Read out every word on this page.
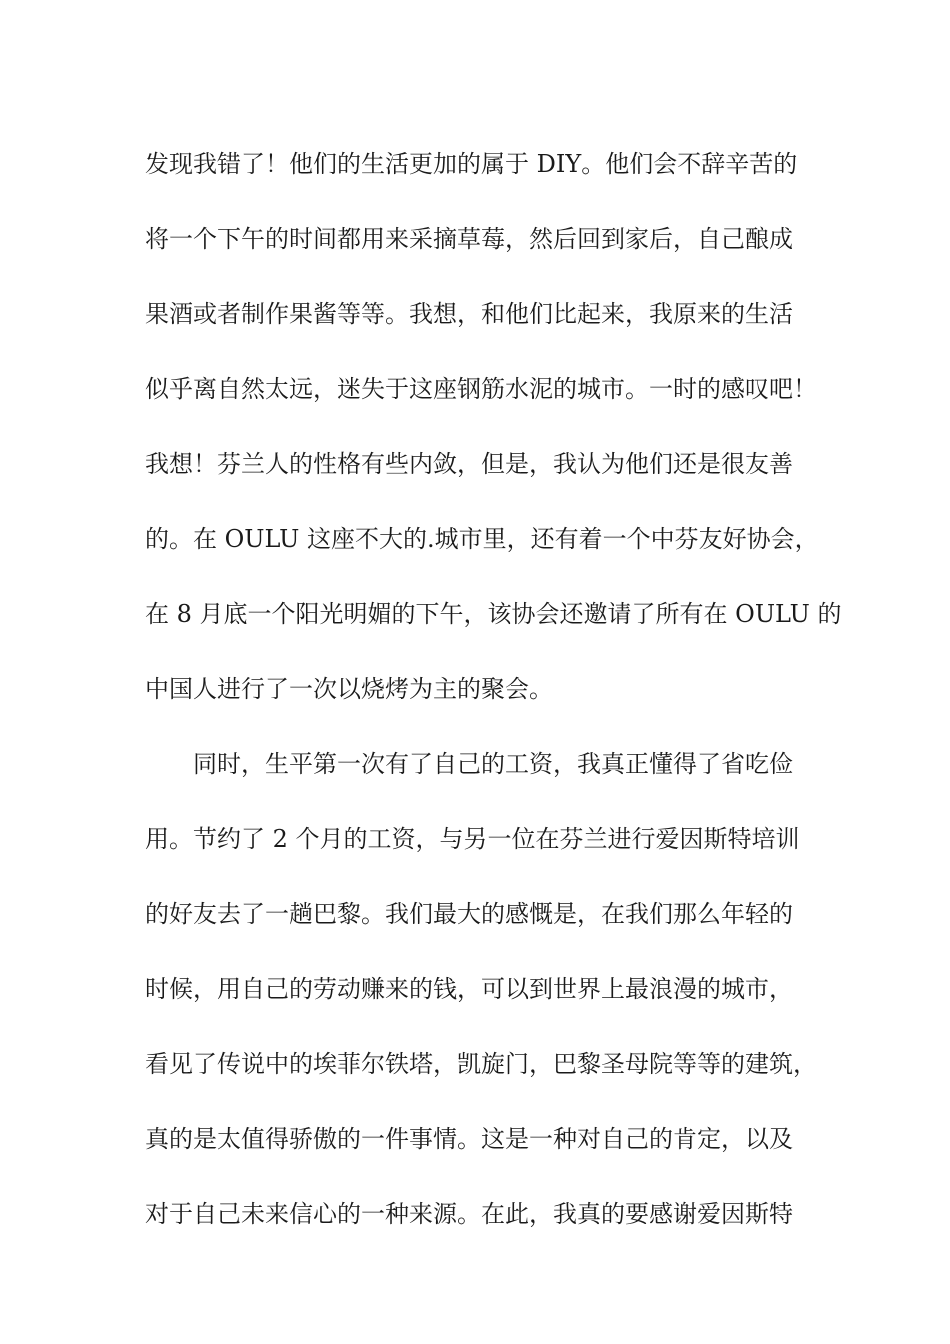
发现我错了！他们的生活更加的属于 DIY。他们会不辞辛苦的
将一个下午的时间都用来采摘草莓，然后回到家后，自己酿成
果酒或者制作果酱等等。我想，和他们比起来，我原来的生活
似乎离自然太远，迷失于这座钢筋水泥的城市。一时的感叹吧！
我想！芬兰人的性格有些内敛，但是，我认为他们还是很友善
的。在 OULU 这座不大的.城市里，还有着一个中芬友好协会，
在 8 月底一个阳光明媚的下午，该协会还邀请了所有在 OULU 的
中国人进行了一次以烧烤为主的聚会。
同时，生平第一次有了自己的工资，我真正懂得了省吃俭
用。节约了 2 个月的工资，与另一位在芬兰进行爱因斯特培训
的好友去了一趟巴黎。我们最大的感慨是，在我们那么年轻的
时候，用自己的劳动赚来的钱，可以到世界上最浪漫的城市，
看见了传说中的埃菲尔铁塔，凯旋门，巴黎圣母院等等的建筑，
真的是太值得骄傲的一件事情。这是一种对自己的肯定，以及
对于自己未来信心的一种来源。在此，我真的要感谢爱因斯特
